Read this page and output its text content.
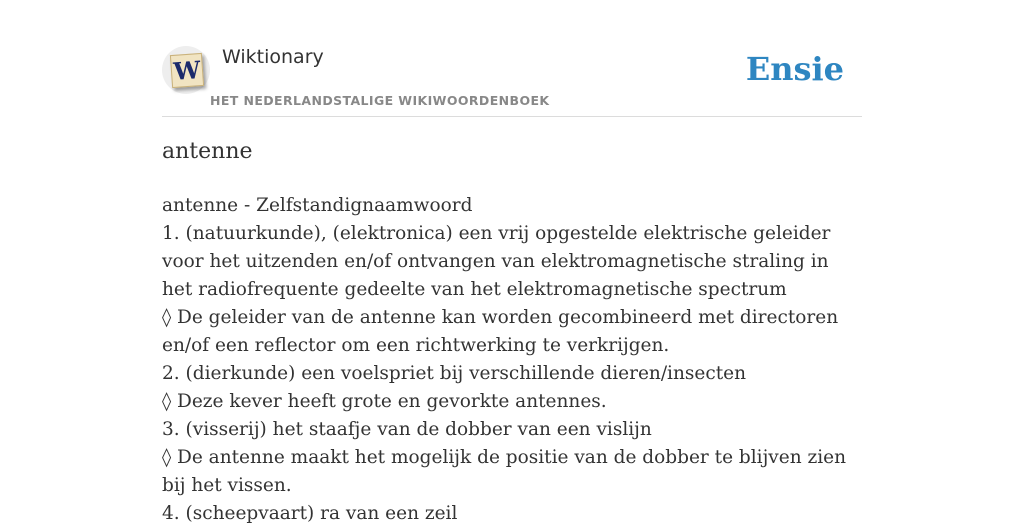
W Wiktionary
HET NEDERLANDSTALIGE WIKIWOORDENBOEK
Ensie
antenne
antenne - Zelfstandignaamwoord
1. (natuurkunde), (elektronica) een vrij opgestelde elektrische geleider voor het uitzenden en/of ontvangen van elektromagnetische straling in het radiofrequente gedeelte van het elektromagnetische spectrum
◊ De geleider van de antenne kan worden gecombineerd met directoren en/of een reflector om een richtwerking te verkrijgen.
2. (dierkunde) een voelspriet bij verschillende dieren/insecten
◊ Deze kever heeft grote en gevorkte antennes.
3. (visserij) het staafje van de dobber van een vislijn
◊ De antenne maakt het mogelijk de positie van de dobber te blijven zien bij het vissen.
4. (scheepvaart) ra van een zeil
